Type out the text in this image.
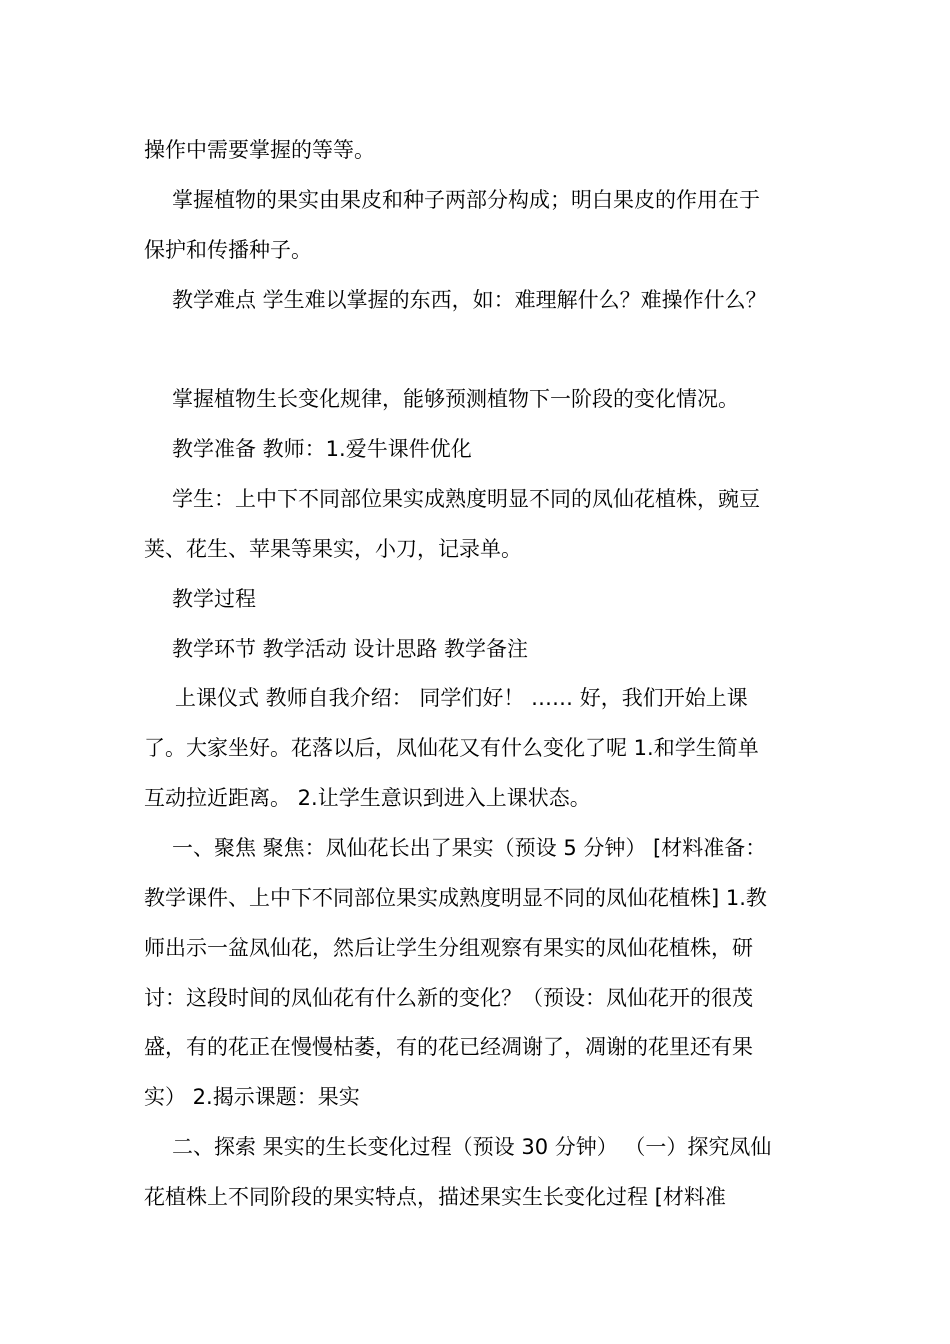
操作中需要掌握的等等。
掌握植物的果实由果皮和种子两部分构成；明白果皮的作用在于
保护和传播种子。
教学难点 学生难以掌握的东西，如：难理解什么？难操作什么？
掌握植物生长变化规律，能够预测植物下一阶段的变化情况。
教学准备 教师：1.爱牛课件优化
学生：上中下不同部位果实成熟度明显不同的凤仙花植株，豌豆
荚、花生、苹果等果实，小刀，记录单。
教学过程
教学环节 教学活动 设计思路 教学备注
上课仪式 教师自我介绍： 同学们好！ …… 好，我们开始上课
了。大家坐好。花落以后，凤仙花又有什么变化了呢 1.和学生简单
互动拉近距离。 2.让学生意识到进入上课状态。
一、聚焦 聚焦：凤仙花长出了果实（预设 5 分钟） [材料准备：
教学课件、上中下不同部位果实成熟度明显不同的凤仙花植株] 1.教
师出示一盆凤仙花，然后让学生分组观察有果实的凤仙花植株，研
讨：这段时间的凤仙花有什么新的变化？（预设：凤仙花开的很茂
盛，有的花正在慢慢枯萎，有的花已经凋谢了，凋谢的花里还有果
实） 2.揭示课题：果实
二、探索 果实的生长变化过程（预设 30 分钟） （一）探究凤仙
花植株上不同阶段的果实特点，描述果实生长变化过程 [材料准
